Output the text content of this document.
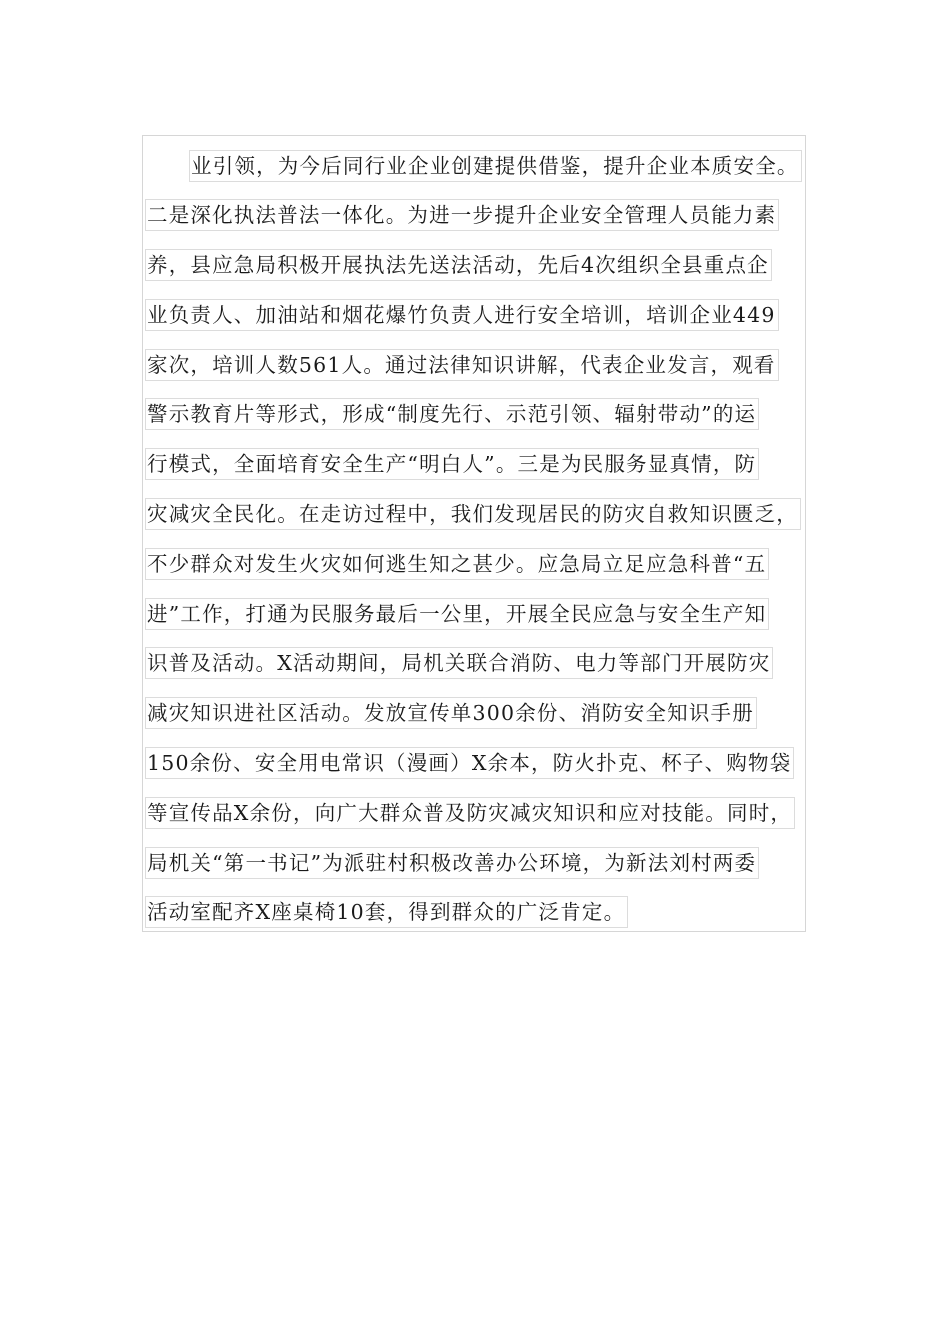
业引领，为今后同行业企业创建提供借鉴，提升企业本质安全。
二是深化执法普法一体化。为进一步提升企业安全管理人员能力素
养，县应急局积极开展执法先送法活动，先后4次组织全县重点企
业负责人、加油站和烟花爆竹负责人进行安全培训，培训企业449
家次，培训人数561人。通过法律知识讲解，代表企业发言，观看
警示教育片等形式，形成“制度先行、示范引领、辐射带动”的运
行模式，全面培育安全生产“明白人”。三是为民服务显真情，防
灾减灾全民化。在走访过程中，我们发现居民的防灾自救知识匮乏，
不少群众对发生火灾如何逃生知之甚少。应急局立足应急科普“五
进”工作，打通为民服务最后一公里，开展全民应急与安全生产知
识普及活动。X活动期间，局机关联合消防、电力等部门开展防灾
减灾知识进社区活动。发放宣传单300余份、消防安全知识手册
150余份、安全用电常识（漫画）X余本，防火扑克、杯子、购物袋
等宣传品X余份，向广大群众普及防灾减灾知识和应对技能。同时，
局机关“第一书记”为派驻村积极改善办公环境，为新法刘村两委
活动室配齐X座桌椅10套，得到群众的广泛肯定。
